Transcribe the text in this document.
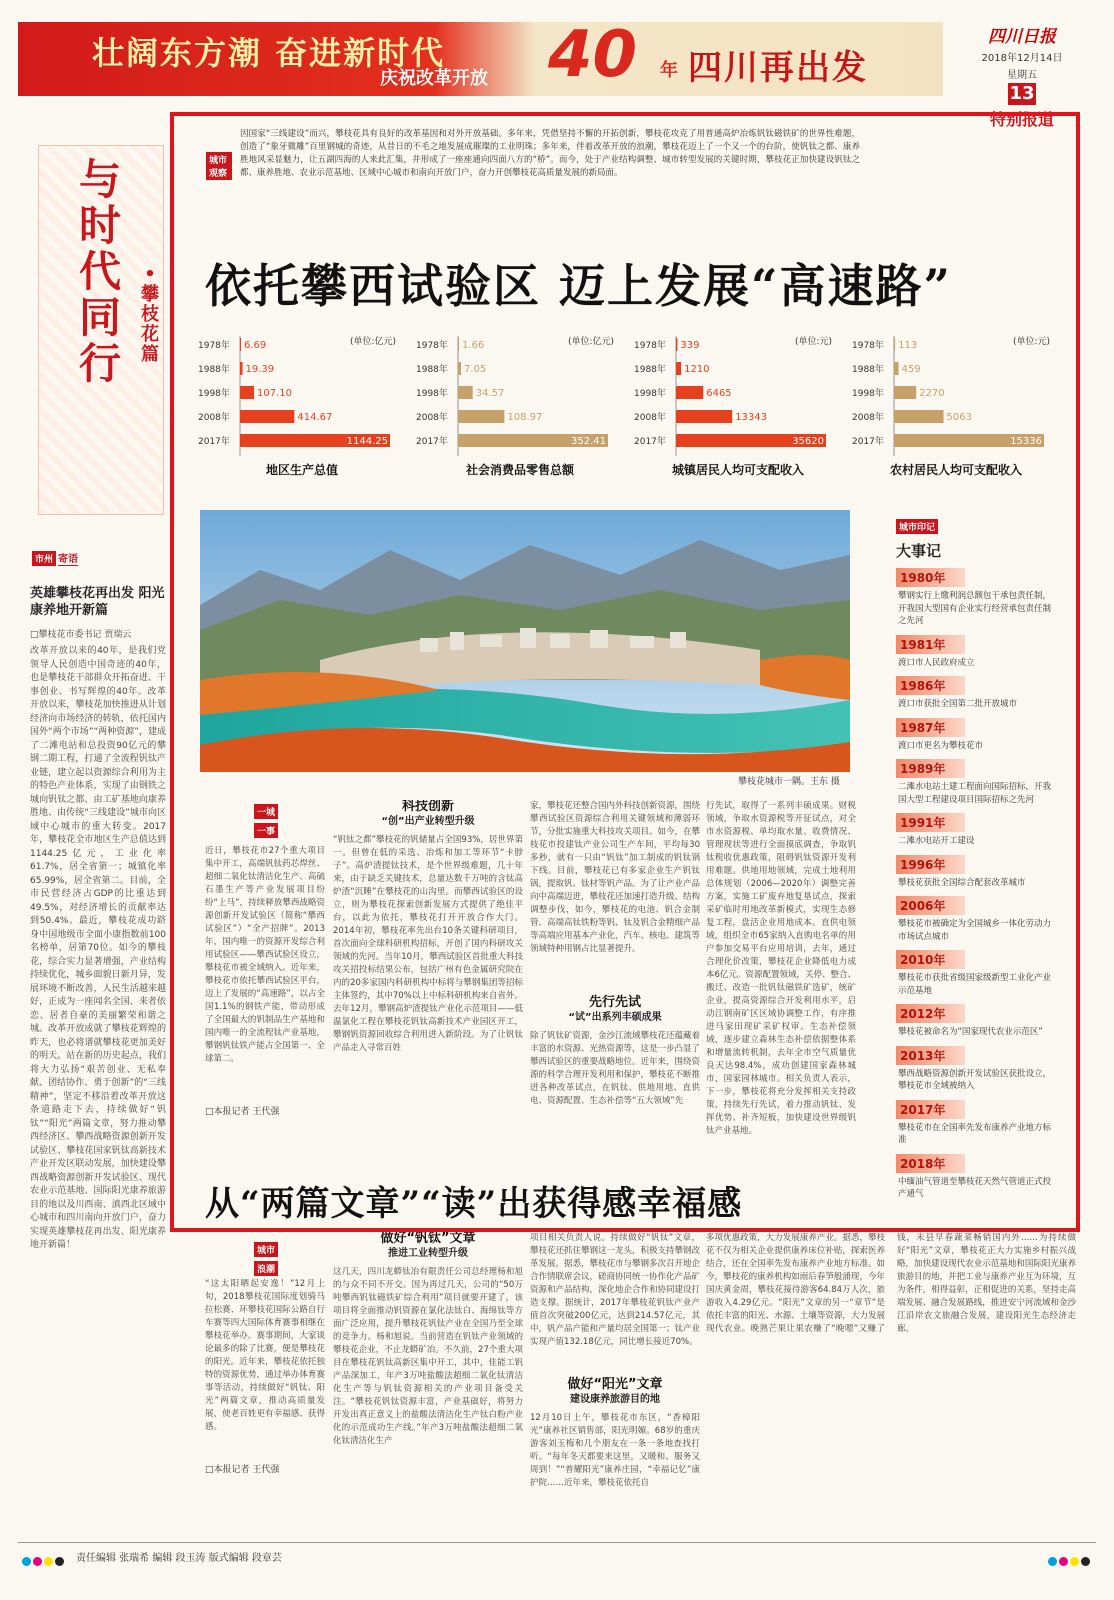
壮阔东方潮 奋进新时代
庆祝改革开放 40 年 四川再出发
四川日报
2018年12月14日
星期五
13
特别报道
与
时
代
同
行
•
攀
枝
花
篇
市州 寄语
英雄攀枝花再出发 阳光康养地开新篇
□攀枝花市委书记 贾瑞云
改革开放以来的40年，是我们党领导人民创造中国奇迹的40年，也是攀枝花干部群众开拓奋进、干事创业、书写辉煌的40年。改革开放以来，攀枝花加快推进从计划经济向市场经济的转轨，依托国内国外“两个市场”“两种资源”，建成了二滩电站和总投资90亿元的攀钢二期工程，打通了全流程钒钛产业链，建立起以资源综合利用为主的特色产业体系，实现了由钢铁之城向钒钛之都、由工矿基地向康养胜地、由传统“三线建设”城市向区域中心城市的重大转变。2017年，攀枝花全市地区生产总值达到1144.25亿元，工业化率61.7%，居全省第一；城镇化率65.99%，居全省第二。目前，全市民营经济占GDP的比重达到49.5%，对经济增长的贡献率达到50.4%。最近，攀枝花成功跻身中国地级市全面小康指数前100名榜单，居第70位。如今的攀枝花，综合实力显著增强，产业结构持续优化，城乡面貌日新月异，发展环境不断改善，人民生活越来越好，正成为一座闻名全国、来者依恋、居者自豪的美丽繁荣和谐之城。改革开放成就了攀枝花辉煌的昨天，也必将谱就攀枝花更加美好的明天。站在新的历史起点，我们将大力弘扬“艰苦创业、无私奉献、团结协作、勇于创新”的“三线精神”，坚定不移沿着改革开放这条道路走下去，持续做好“钒钛”“阳光”两篇文章，努力推动攀西经济区、攀西战略资源创新开发试验区、攀枝花国家钒钛高新技术产业开发区联动发展，加快建设攀西战略资源创新开发试验区、现代农业示范基地、国际阳光康养旅游目的地以及川西南、滇西北区域中心城市和四川南向开放门户，奋力实现英雄攀枝花再出发、阳光康养地开新篇！
城市观察
因国家“三线建设”而兴，攀枝花具有良好的改革基因和对外开放基础。多年来，凭借坚持不懈的开拓创新，攀枝花攻克了用普通高炉冶炼钒钛磁铁矿的世界性难题，创造了“象牙微雕”百里钢城的奇迹，从昔日的不毛之地发展成璀璨的工业明珠；多年来，伴着改革开放的浪潮，攀枝花迈上了一个又一个的台阶，使钒钛之都、康养胜地风采显魅力，让五湖四海的人来此汇集，并形成了一座座通向四面八方的“桥”。而今，处于产业结构调整、城市转型发展的关键时期，攀枝花正加快建设钒钛之都、康养胜地、农业示范基地、区域中心城市和南向开放门户，奋力开创攀枝花高质量发展的新局面。
依托攀西试验区 迈上发展“高速路”
(单位:亿元)
1978年 6.69
1988年 19.39
1998年	107.10
2008年	414.67
2017年	1144.25
地区生产总值
(单位:亿元)
1978年 1.66
1988年 7.05
1998年	34.57
2008年	108.97
2017年	352.41
社会消费品零售总额
(单位:元)
1978年 339
1988年 1210
1998年	6465
2008年	13343
2017年	35620
城镇居民人均可支配收入
(单位:元)
1978年 113
1988年 459
1998年	2270
2008年	5063
2017年	15336
农村居民人均可支配收入
攀枝花城市一隅。王东 摄
城市印记
大事记
1980年
攀钢实行上缴利润总额包干承包责任制，开我国大型国有企业实行经营承包责任制之先河
1981年
渡口市人民政府成立
1986年
渡口市获批全国第二批开放城市
1987年
渡口市更名为攀枝花市
1989年
二滩水电站土建工程面向国际招标，开我国大型工程建设项目国际招标之先河
1991年
二滩水电站开工建设
1996年
攀枝花获批全国综合配套改革城市
2006年
攀枝花市被确定为全国城乡一体化劳动力市场试点城市
2010年
攀枝花市获批省级国家级新型工业化产业示范基地
2012年
攀枝花被命名为“国家现代农业示范区”
2013年
攀西战略资源创新开发试验区获批设立，攀枝花市全域被纳入
2017年
攀枝花市在全国率先发布康养产业地方标准
2018年
中缅油气管道至攀枝花天然气管道正式投产通气
一城
一事
近日，攀枝花市27个重大项目集中开工，高端钒钛药芯焊丝、超细二氧化钛清洁化生产、高硫石墨生产等产业发展项目纷纷“上马”，持续释放攀西战略资源创新开发试验区（简称“攀西试验区”）“全产招牌”。2013年，国内唯一的资源开发综合利用试验区——攀西试验区设立，攀枝花市被全域纳入。近年来，攀枝花市依托攀西试验区平台，迈上了发展的“高速路”，以占全国1.1%的钢铁产能，带动形成了全国最大的钒制品生产基地和国内唯一的全流程钛产业基地，攀钢钒钛铁产能占全国第一、全球第二。
□本报记者 王代强
科技创新
“创”出产业转型升级
“钒钛之都”攀枝花的钒储量占全国93%，居世界第一。但曾在低的采选、冶炼和加工等环节“卡脖子”。高炉渣提钛技术，是个世界级难题，几十年来，由于缺乏关键技术，总量达数千万吨的含钛高炉渣“沉睡”在攀枝花的山沟里。而攀西试验区的设立，则为攀枝花探索创新发展方式提供了绝佳平台，以此为依托，攀枝花打开开放合作大门。2014年初，攀枝花率先出台10条关键科研项目，首次面向全球科研机构招标，开创了国内科研攻关领域的先河。当年10月，攀西试验区首批重大科技攻关招投标结果公布，包括广州有色金属研究院在内的20多家国内科研机构中标将与攀钢集团等招标主体签约，其中70%以上中标科研机构来自省外。去年12月，攀钢高炉渣提钛产业化示范项目——低温氯化工程在攀枝花钒钛高新技术产业园区开工，攀钢钒资源回收综合利用进入新阶段。为了让钒钛产品走入寻常百姓
家，攀枝花还整合国内外科技创新资源，围绕攀西试验区资源综合利用关键领域和薄弱环节，分批实施重大科技攻关项目。如今，在攀枝花市投建钛产业公司生产车间，平均每30多秒，就有一只由“钒钛”加工制成的钒钛锅下线。目前，攀枝花已有多家企业生产钒钛锅，提取钒、钛材等钒产品。为了让产业产品向中高端迈进，攀枝花还加速打造升级、结构调整步伐，如今，攀枝花的电池、钒合金制管、高端高钛铁粉等钒、钛及钒合金精细产品等高端应用基本产业化，汽车、核电、建筑等领域特种用钢占比显著提升。
先行先试
“试”出系列丰硕成果
除了钒钛矿资源，金沙江流域攀枝花还蕴藏着丰富的水资源、光热资源等，这是一步凸显了攀西试验区的重要战略地位。近年来，围绕资源的科学合理开发利用和保护，攀枝花不断推进各种改革试点，在钒钛、供地用地、直供电、资源配置、生态补偿等“五大领域”先
行先试，取得了一系列丰硕成果。财税领域，争取水资源税等开征试点，对全市水资源税、单均取水量、收费情况、管理现状等进行全面摸底调查，争取钒钛税收优惠政策，阻碍钒钛资源开发利用难题。供地用地领域，完成土地利用总体规划（2006—2020年）调整完善方案，实施工矿废弃地复垦试点，探索采矿临时用地改革新模式，实现生态修复工程，盘活企业用地成本。直供电领域，组织全市65家纳入直购电名单的用户参加交易平台应用培训，去年，通过合理化价改策，攀枝花企业降低电力成本6亿元。资源配置领域，关停、整合、搬迁、改造一批钒钛磁铁矿选矿，统矿企业，提高资源综合开发利用水平，启动江钢南矿区区域协调整工作，有序推进马家田现矿采矿权审。生态补偿领域，逐步建立森林生态补偿依据整体系和增量流转机制，去年全市空气质量优良天达98.4%，成功创建国家森林城市，国家园林城市。相关负责人表示，下一步，攀枝花将充分发挥相关支持政策，持续先行先试，着力推动钒钛、发挥优势、补齐短板，加快建设世界级钒钛产业基地。
从“两篇文章”“读”出获得感幸福感
城市
浪潮
“这太阳晒起安逸！”12月上旬，2018攀枝花国际度划骑马拉松赛、环攀枝花国际公路自行车赛等四大国际体育赛事相继在攀枝花举办。赛事期间，大家谈论最多的除了比赛，便是攀枝花的阳光。近年来，攀枝花依托独特的资源优势，通过举办体育赛事等活动，持续做好“钒钛、阳光”两篇文章，推动高质量发展，使老百姓更有幸福感、获得感。
□本报记者 王代强
做好“钒钛”文章
推进工业转型升级
这几天，四川龙蟒钛冶有限责任公司总经理杨和旭的与众不同不开交。因为再过几天，公司的“50万吨攀西钒钛磁铁矿综合利用”项目就要开建了，该项目将全面推动钒资源在氯化法钛白、海绵钛等方面广泛应用，提升攀枝花钒钛产业在全国乃至全球的竞争力。杨和旭说。当前营造在钒钛产业领域的攀枝花企业，不止龙蟒矿冶。不久前，27个重大项目在攀枝花钒钛高新区集中开工，其中，佳能工钒产品深加工，年产3万吨盐酸法超细二氧化钛清洁化生产等与钒钛资源相关的产业项目备受关注。“攀枝花钒钛资源丰富，产业基础好，将努力开发出真正意义上的盐酸法清洁化生产钛白粉产业化的示范成功生产线。”年产3万吨盐酸法超细二氧化钛清洁化生产
项目相关负责人说。持续做好“钒钛”文章，攀枝花还抓住攀钢这一龙头，积极支持攀钢改革发展。据悉，攀枝花市与攀钢多次召开地企合作情联席会议，磋商协同统一协作化产品矿资源和产品结构，深化地企合作和协同建设打造支撑。据统计，2017年攀枝花钒钛产业产值首次突破200亿元，达到214.57亿元，其中，钒产品产能和产量均居全国第一；钛产业实现产值132.18亿元，同比增长接近70%。
做好“阳光”文章
建设康养旅游目的地
12月10日上午，攀枝花市东区，“香樟阳光”康养社区销售部，阳光明媚。68岁的重庆游客刘玉梅和几个朋友在一条一条地查找打听。“每年冬天都要来这里，又暖和、服务又周到！”“普耀阳光”康养庄园，“幸福记忆”康护院……近年来，攀枝花依托自
多项优惠政策，大力发展康养产业。据悉，攀枝花不仅为相关企业提供康养床位补贴，探索医养结合，还在全国率先发布康养产业地方标准。如今，攀枝花的康养机构如雨后春笋般涌现，今年国庆黄金周，攀枝花接待游客64.84万人次，旅游收入4.29亿元。“阳光”文章的另一“章节”是依托丰富的阳光、水源、土壤等资源，大力发展现代农业。晚熟芒果让果农赚了“晚嗯”又赚了钱，未县早春蔬菜畅销国内外……为持续做好“阳光”文章，攀枝花正大力实施乡村振兴战略，加快建设现代农业示范基地和国际阳光康养旅游目的地，并把工业与康养产业互为环境，互为条件，相得益彰，正相促进的关系，坚持走高端发展、融合发展路线，推进安宁河流域和金沙江沿岸农文旅融合发展，建设阳光生态经济走廊。
责任编辑 张瑞希 编辑 段玉涛 版式编辑 段章芸
